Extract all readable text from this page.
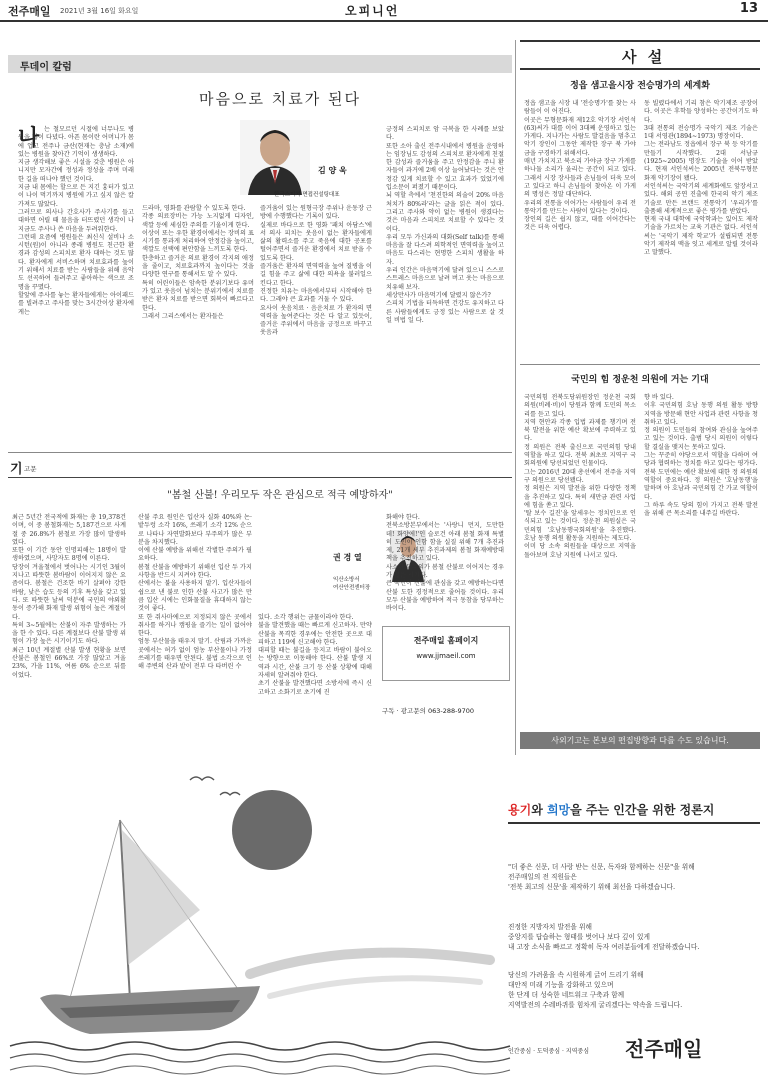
전주매일 2021년 3월 16일 화요일	오피니언	13
투데이 칼럼
마음으로 치료가 된다
김 양 욱
한국스피치 면접컨설팅대표
나 는 철모르던 시절에 너무나도 병원을 많이 다녔다. 아픈 몸이란 어머니가 몸에 업고 전주나 금산(현재는 충남 소재)에 있는 병원을 찾아간 기억이 생생하다.
지금 생각해보 좋은 시설을 갖춘 병원은 아니지만 모자간에 정성과 정성을 주며 미래한 길을 떠나야 했던 것이다.
지금 내 몸에는 할으로 든 지긴 흉터가 있고 이 나이 먹기까지 병원에 가고 싶지 않은 칼 가져도 많았다.
그러므로 의사나 간호사가 주사기를 들고 대하면 어릴 때 물음을 터뜨렸던 생각이 나 지금도 주사나 쓴 마음을 두려워한다.
그런데 요즘에 병원들은 최신식 설비나 소시턴(원)이 아니라 종래 병원도 친근한 환경과 감성의 스피치로 환자 대하는 것도 많다. 환자에게 서비스하며 치료효과를 높이기 위해서 치료를 받는 사람들을 위해 음악도 선곡하여 들려주고 좋아하는 색으로 조명을 꾸몄다.
할앞에 주사를 놓는 환자들에게는 아이패드를 빌려주고 주사를 맞는 3시간이상 환자에게는
드라마, 영화를 관람할 수 있도록 한다.
각종 의료장비는 가능 노지없게 디자인, 색깔 등에 세심한 주의를 기울이게 한다.
이상이 또는 우한 환경이에서는 장비의 표시기를 통과게 처리하여 안정감을 높이고, 색깔도 선택에 편안함을 느끼도록 한다.
한층하고 즐거운 의료 환경이 각지의 애정을 줄이고, 치료효과까지 높이다는 것을 다양한 연구를 통해서도 알 수 있다.
특히 어린이들은 암속한 분위기보다 유머가 있고 웃음이 넘치는 분위기에서 치료를 받은 환자 치료를 받으면 회복이 빠르다고 한다.
그래서 그리스에서는 환자들은
즐거움이 있는 원형극장 주위나 운동장 근방에 수행했다는 기록이 있다.
실제로 바다으로 한 영화 '패치 아담스'에서 의사 피치는 웃음이 없는 환자들에게 삶의 활력소를 주고 죽음에 대한 공포를 털어주면서 즐거운 환경에서 치료 받을 수 있도록 한다.
즐거움은 환자의 면역력을 높여 질병을 이길 힘을 주고 삶에 대한 의욕을 불러일으킨다고 한다.
진정한 치유는 마음에서부터 시작해야 한다. 그래야 큰 효과를 거둘 수 있다.
요사이 웃음치료 · 음운치료 가 환자의 면역력을 높여준다는 것은 다 알고 있듯이, 즐거운 주위에서 마음을 긍정으로 바꾸고 웃음과
긍정의 스피치로 암 극복을 한 사례를 보았다.
또한 소아 출신 전주시내에서 병원을 운영하는 임장님도 감성의 스피치로 환자에게 친절한 감성과 즐거움을 주고 안정감을 주니 환자들이 과거에 2배 이상 늘어났다는 것은 안정감 있게 치료할 수 있고 효과가 있었기에 입소문이 퍼졌기 때문이다.
뇌 역할 측에서 '천진한의 의술이 20% 마음처치가 80%라'라는 글을 읽은 적이 있다. 그리고 주사와 약이 없는 병원이 생겼다는 것은 마음과 스피치로 치료할 수 있다는 것이다.
우리 모두 가신과의 대화(Self talk)를 통해 마음을 잘 다스려 의학적인 면역력을 높이고 마음도 다스리는 현명한 스피치 생활을 하자.
우리 인간은 마음먹기에 달려 있으니 스스로 스트레스 마음으로 날려 버고 웃는 마음으로 치유해 보자.
세상만사가 마음먹기에 달렸지 않은가?
스피치 기법을 터득하면 건강도 유지하고 다른 사람들에게도 긍정 있는 사람으로 살 것일 비법 일 다.
기 고문
"봄철 산불! 우리모두 작은 관심으로 적극 예방하자"
권 경 열
익산소방서
여산안전센터장
최근 5년간 전국적에 화재는 총 19,378건이며, 이 중 봄철화재는 5,187건으로 사계절 중 26.8%가 봄철로 가장 많이 발생하였다.
또한 이 기간 동안 인명피해는 18명이 발생하였으며, 사망자도 8명에 이른다.
당장이 겨울철에서 벗어나는 시기인 3월이 지나고 따뜻한 봄바람이 이어지지 않은 요즘이다. 봄철은 건조한 바기 살펴야 강한 바람, 낮은 습도 등의 기후 특성을 갖고 있다. 또 따뜻한 날씨 덕분에 국민의 야외활동이 증가해 화재 발생 위험이 높은 계절이다.
특히 3~5월에는 산불이 자주 발생하는 가을 한 수 있다. 다른 계절보다 산불 발생 위험이 가장 높은 시기이기도 하다.
최근 10년 계절별 산불 발생 현황을 보면 산불은 봄철인 66%로 가장 많았고 겨울 23%, 가을 11%, 여름 6% 순으로 뒤를 이었다.
산불 주요 원인은 입산자 실화 40%와 논·밭두렁 소각 16%, 쓰레기 소각 12% 순으로 나타나 자연발화보다 부주의가 많은 부분을 차지했다.
이에 산불 예방을 위해선 각별한 주의가 필요하다.
봄철 산불을 예방하기 위해선 입산 두 가지 사항을 반드시 지켜야 한다.
산에서는 불을 사용하지 말기. 입산자들이 쉽으로 낸 불로 인한 산불 사고가 많은 만큼 입산 시에는 인화물질을 휴대하지 않는 것이 좋다.
또 한 쥐사마에으로 지정되지 않은 곳에서 취사를 하거나 캠핑을 즐기는 일이 없어야 한다.
엄동 부산물을 태우지 말기. 산림과 가까운 곳에서는 허가 없이 엄농 부산물이나 가정 쓰레기를 태우면 안된다. 불법 소각으로 인해 주변의 산과 밭이 전부 다 타버린 수
있다. 소각 행위는 금물이라야 한다.
불을 발견했을 때는 빠르게 신고하자. 만약 산불을 목격한 경우에는 안전한 곳으로 대피하고 119에 신고해야 한다.
대피할 때는 불길을 등지고 바람이 불어오는 방향으로 이동해야 한다. 산불 발생 지역과 시간, 산불 크기 등 산불 상황에 대해 자세히 알려줘야 한다.
초기 산불을 발견했다면 소방서에 즉시 신고하고 소화기로 초기에 진
화해야 한다.
전북소방본부에서는 '사랑니 먼지, 도만한데! 화양에!'인 슬로건 아래 봄철 화재 특별히 도민이 인함 함을 실질 위해 7개 추진과제, 21개 세부 추진과제의 봄철 화재예방대책을 추진하고 있다.
사소한 부주의가 봄철 산불로 이어지는 경우가 많은 시기다.
큰 국민이 산불에 관심을 갖고 예방하는다면 산불 도한 경정적으로 줄어들 것이다. 우리 모두 산불을 예방하여 적극 동참을 당부하는 바이다.
전주매일 홈페이지
www.jjmaeil.com
구독 · 광고문의 063-288-9700
사 설
정읍 샘고을시장 전승명가의 세계화
정읍 샘고을 시장 내 '전승명가'를 찾는 사람들이 이 어진다.
이곳은 무형문화재 제12호 악기장 서인석(63)씨가 대를 이어 3대째 운영하고 있는 가게다. 지나가는 사람도 발걸음을 멈추고 악기 장인이 그동안 제작한 장구 북 가야금을 구경하기 위해서다.
매년 가치지고 북소리 가야금 장구 가게를 하나둘 소리가 울리는 공간이 되고 있다. 그래서 시장 장사들과 손님들이 더욱 모이고 있다고 하니 손님들이 찾아온 이 가게의 명성은 정말 대단하다.
우리의 전통을 이어가는 사람들이 우리 전통악기를 만드는 사람이 있다는 것이다.
장인의 길은 쉽지 않고, 대를 이어간다는 것은 더욱 어렵다.
동 빌렸다에서 기리 참은 악기제조 공장이다. 이곳은 후학들 양성하는 공간이기도 하다.
3대 전통의 전승명가 국악기 제조 기술은 1대 서영관(1894~1973) 명장이다.
그는 전라남도 정읍에서 장구 북 등 악기를 만들기 시작했다. 2대 서남규(1925~2005) 명장도 기술을 이어 받았다. 현재 서인석씨는 2005년 전북무형문화재 악기장이 됐다.
서인석씨는 국악기의 세계화에도 앞장서고 있다. 해외 공연 진출에 한국의 악기 제조 기술로 만든 브랜드 전통악기 '우리가'를 출품해 세계적으로 좋은 평가를 받았다.
현재 국내 대학에 국악학과는 있어도 제작 기술을 가르치는 교육 기관은 없다. 서인석씨는 '국악기 제작 학교'가 설립되면 전통 악기 제작의 맥을 잇고 세계로 알릴 것이라고 말했다.
국민의 힘 정운천 의원에 거는 기대
국민의힘 전북도당위원장인 정운천 국회의원(비례·비)이 당원과 함께 도민의 목소리를 듣고 있다.
지역 현안과 각종 입법 과제를 챙기며 전북 발전을 위한 예산 확보에 주력하고 있다.
정 의원은 전북 출신으로 국민의힘 당내 역할을 하고 있다. 전북 최초로 지역구 국회의원에 당선되었던 인물이다.
그는 2016년 20대 총선에서 전주을 지역구 의원으로 당선됐다.
정 의원은 지역 발전을 위한 다양한 정책을 추진하고 있다. 특히 새만금 관련 사업에 힘을 쏟고 있다.
'탈 보수 길진'을 앞세우는 정치인으로 인식되고 있는 것이다. 정운천 의원실은 국민의힘 '호남동행국회의원'을 추진했다. 호남 동행 의원 활동을 지원하는 제도다.
이미 당 소속 의원들을 대상으로 지역을 돌아보며 호남 지원에 나서고 있다.
향 바 있다.
이후 국민의힘 호남 동행 의원 활동 방향 지역을 방문해 현안 사업과 관련 사항을 청취하고 있다.
정 의원이 도민들의 참여와 관심을 높여주고 있는 것이다. 출범 당시 의원이 이렇다할 결실을 맺지는 못하고 있다.
그는 꾸준히 야당으로서 역할을 다하며 여당과 협력하는 정치를 하고 있다는 평가다.
전북 도민에는 예산 확보에 대한 정 의원의 역할이 중요하다. 정 의원은 '호남동행'을 말하며 아 호남과 국민의힘 간 가교 역할이다.
그 하루 속도 당의 힘이 가지고 전북 발전을 위해 큰 목소리를 내주길 바란다.
사외기고는 본보의 편집방향과 다를 수도 있습니다.
용기와 희망을 주는 인간을 위한 정론지
"더 좋은 신문, 더 사랑 받는 신문, 독자와 함께하는 신문"을 위해
전주매일의 전 직원들은
'전북 최고의 신문'을 제작하기 위해 최선을 다하겠습니다.
진정한 지방자치 발전을 위해
중앙지를 답습하는 형태를 벗어나 보다 깊이 있게
내 고장 소식을 빠르고 정확히 독자 여러분들에게 전달하겠습니다.
당신의 가려움을 속 시원하게 긁어 드리기 위해
대안적 미래 기능을 강화하고 있으며
한 단계 더 성숙한 네트워크 구축과 함께
지역발전의 수레바퀴를 힘차게 굴리겠다는 약속을 드립니다.
인간중심 · 도덕중심 · 지역중심 전주매일
